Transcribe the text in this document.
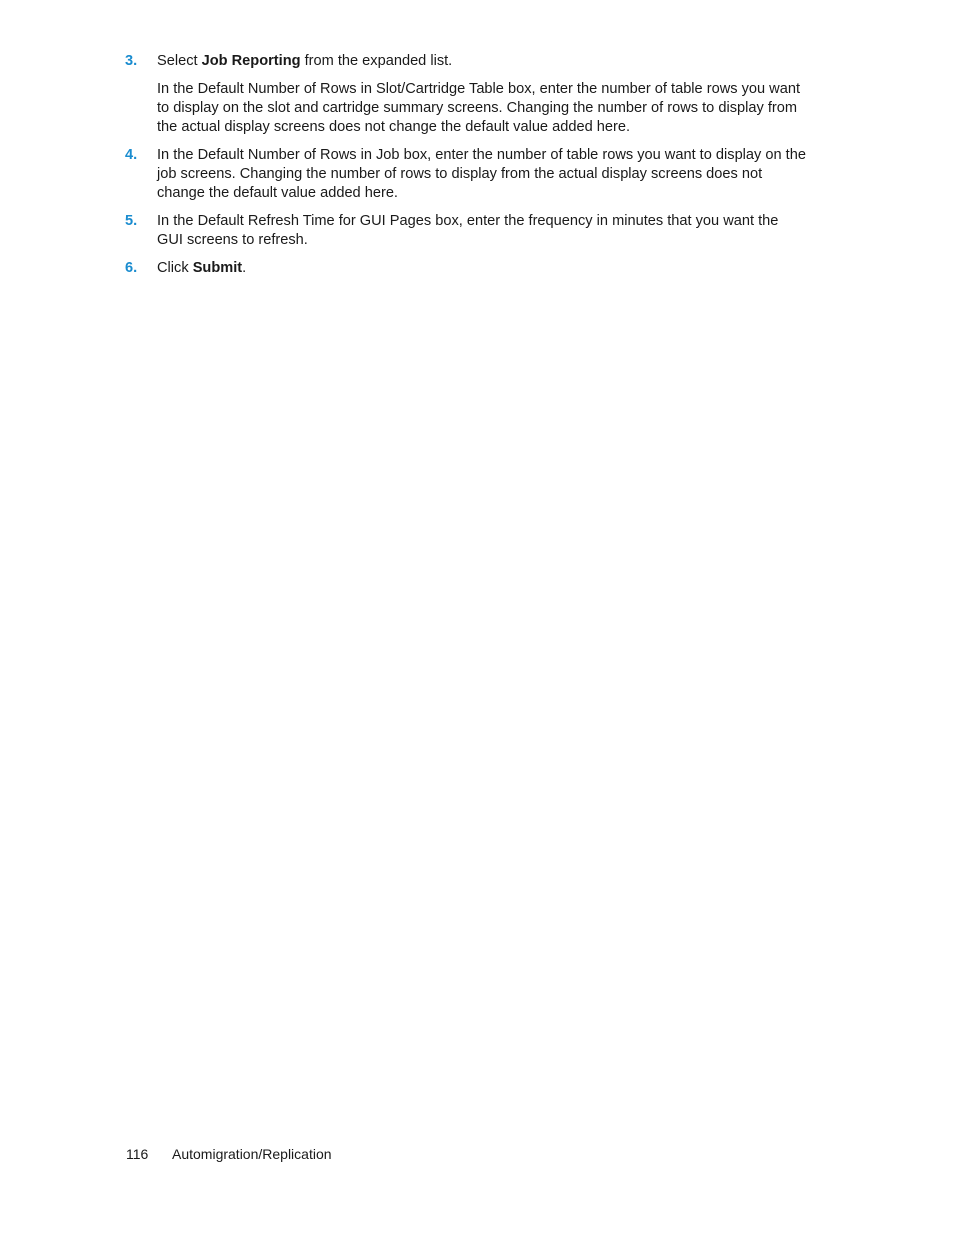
3. Select Job Reporting from the expanded list.

In the Default Number of Rows in Slot/Cartridge Table box, enter the number of table rows you want to display on the slot and cartridge summary screens. Changing the number of rows to display from the actual display screens does not change the default value added here.

4. In the Default Number of Rows in Job box, enter the number of table rows you want to display on the job screens. Changing the number of rows to display from the actual display screens does not change the default value added here.

5. In the Default Refresh Time for GUI Pages box, enter the frequency in minutes that you want the GUI screens to refresh.

6. Click Submit.

116 Automigration/Replication
